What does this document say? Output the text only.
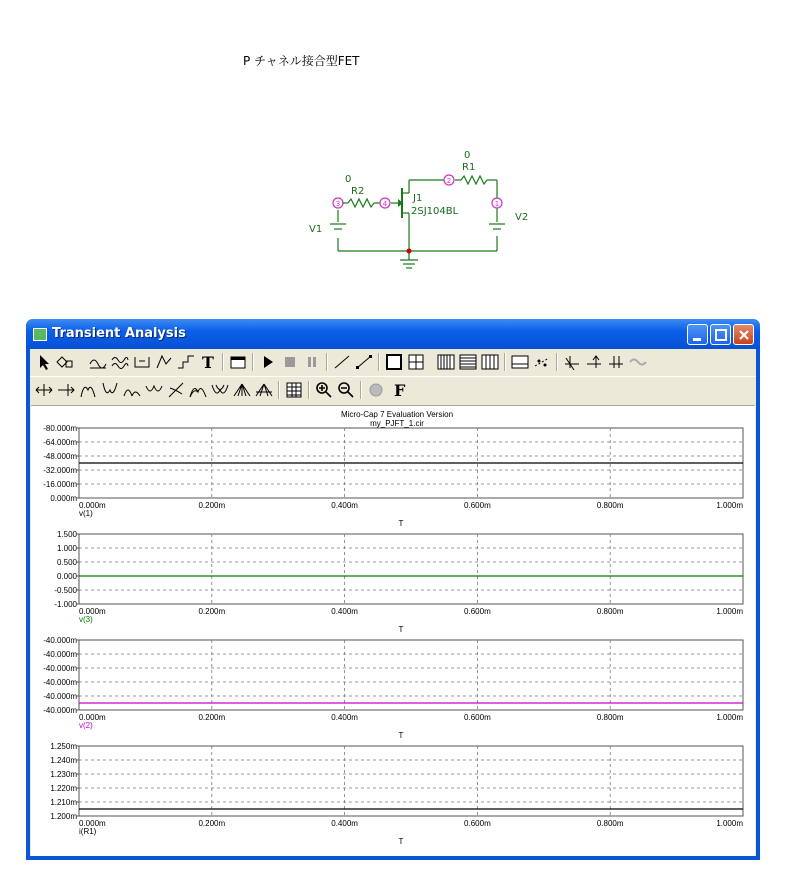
P チャネル接合型FET
3	4
2
1
0
R1
0
R2
J1
2SJ104BL
V1
V2
Transient Analysis
T
F
Micro-Cap 7 Evaluation Version
my_PJFT_1.cir
-80.000m
-64.000m
-48.000m
-32.000m
-16.000m
0.000m
0.000m	0.200m	0.400m	0.600m	0.800m	1.000m
v(1)
T
1.500
1.000
0.500
0.000
-0.500
-1.000
0.000m	0.200m	0.400m	0.600m	0.800m	1.000m
v(3)
T
-40.000m
-40.000m
-40.000m
-40.000m
-40.000m
-40.000m
0.000m	0.200m	0.400m	0.600m	0.800m	1.000m
v(2)
T
1.250m
1.240m
1.230m
1.220m
1.210m
1.200m
0.000m	0.200m	0.400m	0.600m	0.800m	1.000m
i(R1)
T
